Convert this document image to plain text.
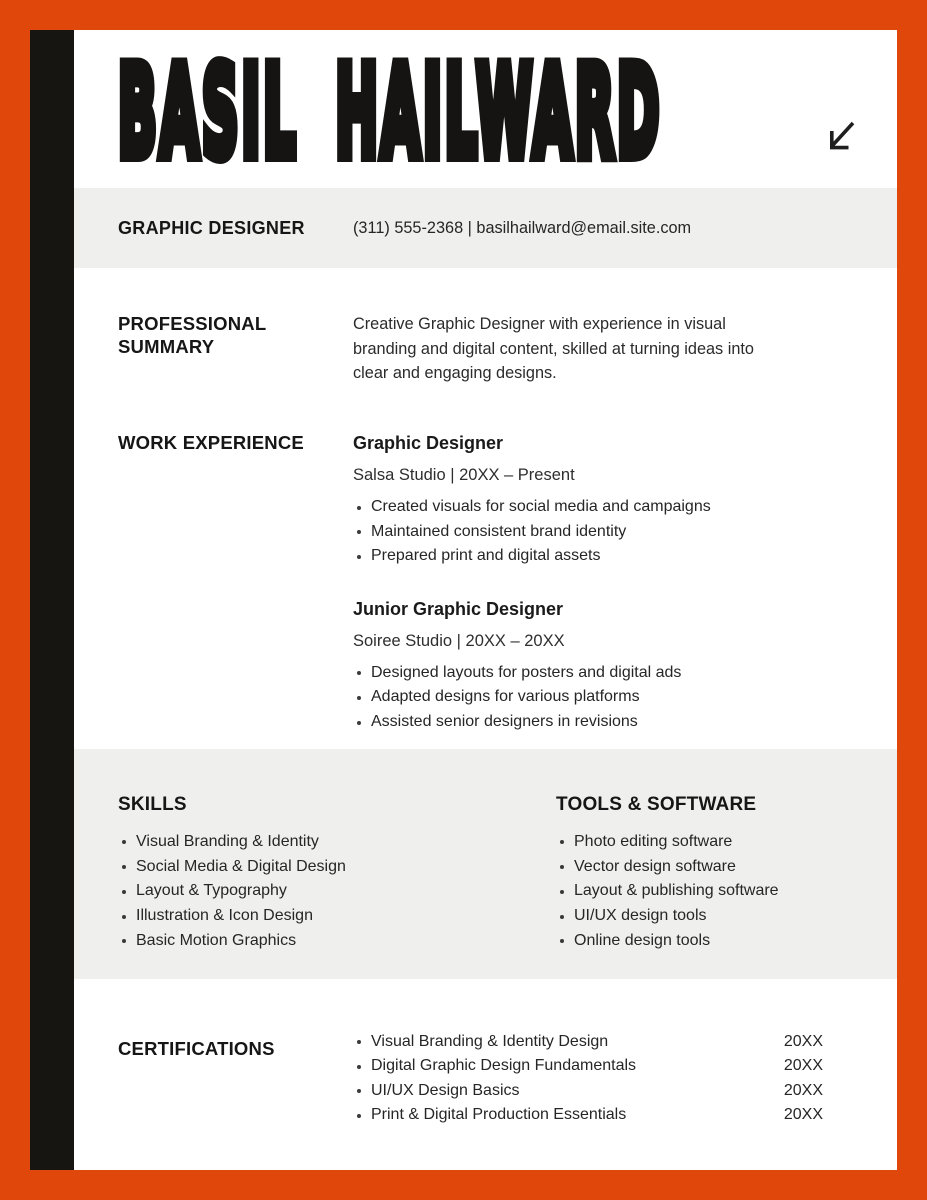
BASIL HAILWARD
GRAPHIC DESIGNER	(311) 555-2368 | basilhailward@email.site.com
PROFESSIONAL
SUMMARY

Creative Graphic Designer with experience in visual branding and digital content, skilled at turning ideas into clear and engaging designs.

WORK EXPERIENCE	Graphic Designer
Salsa Studio | 20XX – Present
Created visuals for social media and campaigns
Maintained consistent brand identity
Prepared print and digital assets
Junior Graphic Designer
Soiree Studio | 20XX – 20XX
Designed layouts for posters and digital ads
Adapted designs for various platforms
Assisted senior designers in revisions
SKILLS
Visual Branding & Identity
Social Media & Digital Design
Layout & Typography
Illustration & Icon Design
Basic Motion Graphics
TOOLS & SOFTWARE
Photo editing software
Vector design software
Layout & publishing software
UI/UX design tools
Online design tools
CERTIFICATIONS	Visual Branding & Identity Design	20XX
Digital Graphic Design Fundamentals	20XX
UI/UX Design Basics	20XX
Print & Digital Production Essentials	20XX
